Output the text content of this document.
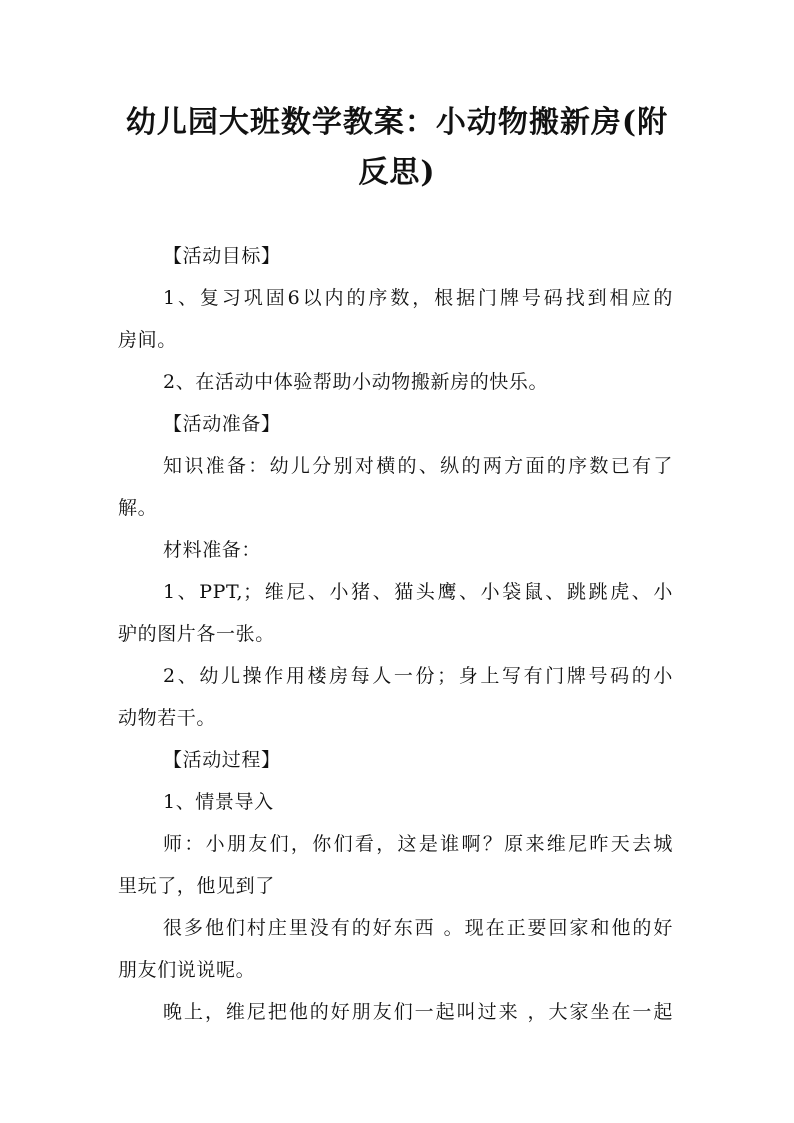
幼儿园大班数学教案：小动物搬新房(附
反思)
【活动目标】
1、复习巩固6以内的序数，根据门牌号码找到相应的
房间。
2、在活动中体验帮助小动物搬新房的快乐。
【活动准备】
知识准备：幼儿分别对横的、纵的两方面的序数已有了
解。
材料准备：
1、PPT,；维尼、小猪、猫头鹰、小袋鼠、跳跳虎、小
驴的图片各一张。
2、幼儿操作用楼房每人一份；身上写有门牌号码的小
动物若干。
【活动过程】
1、情景导入
师：小朋友们，你们看，这是谁啊？原来维尼昨天去城
里玩了，他见到了
很多他们村庄里没有的好东西 。现在正要回家和他的好
朋友们说说呢。
晚上，维尼把他的好朋友们一起叫过来 ，大家坐在一起
